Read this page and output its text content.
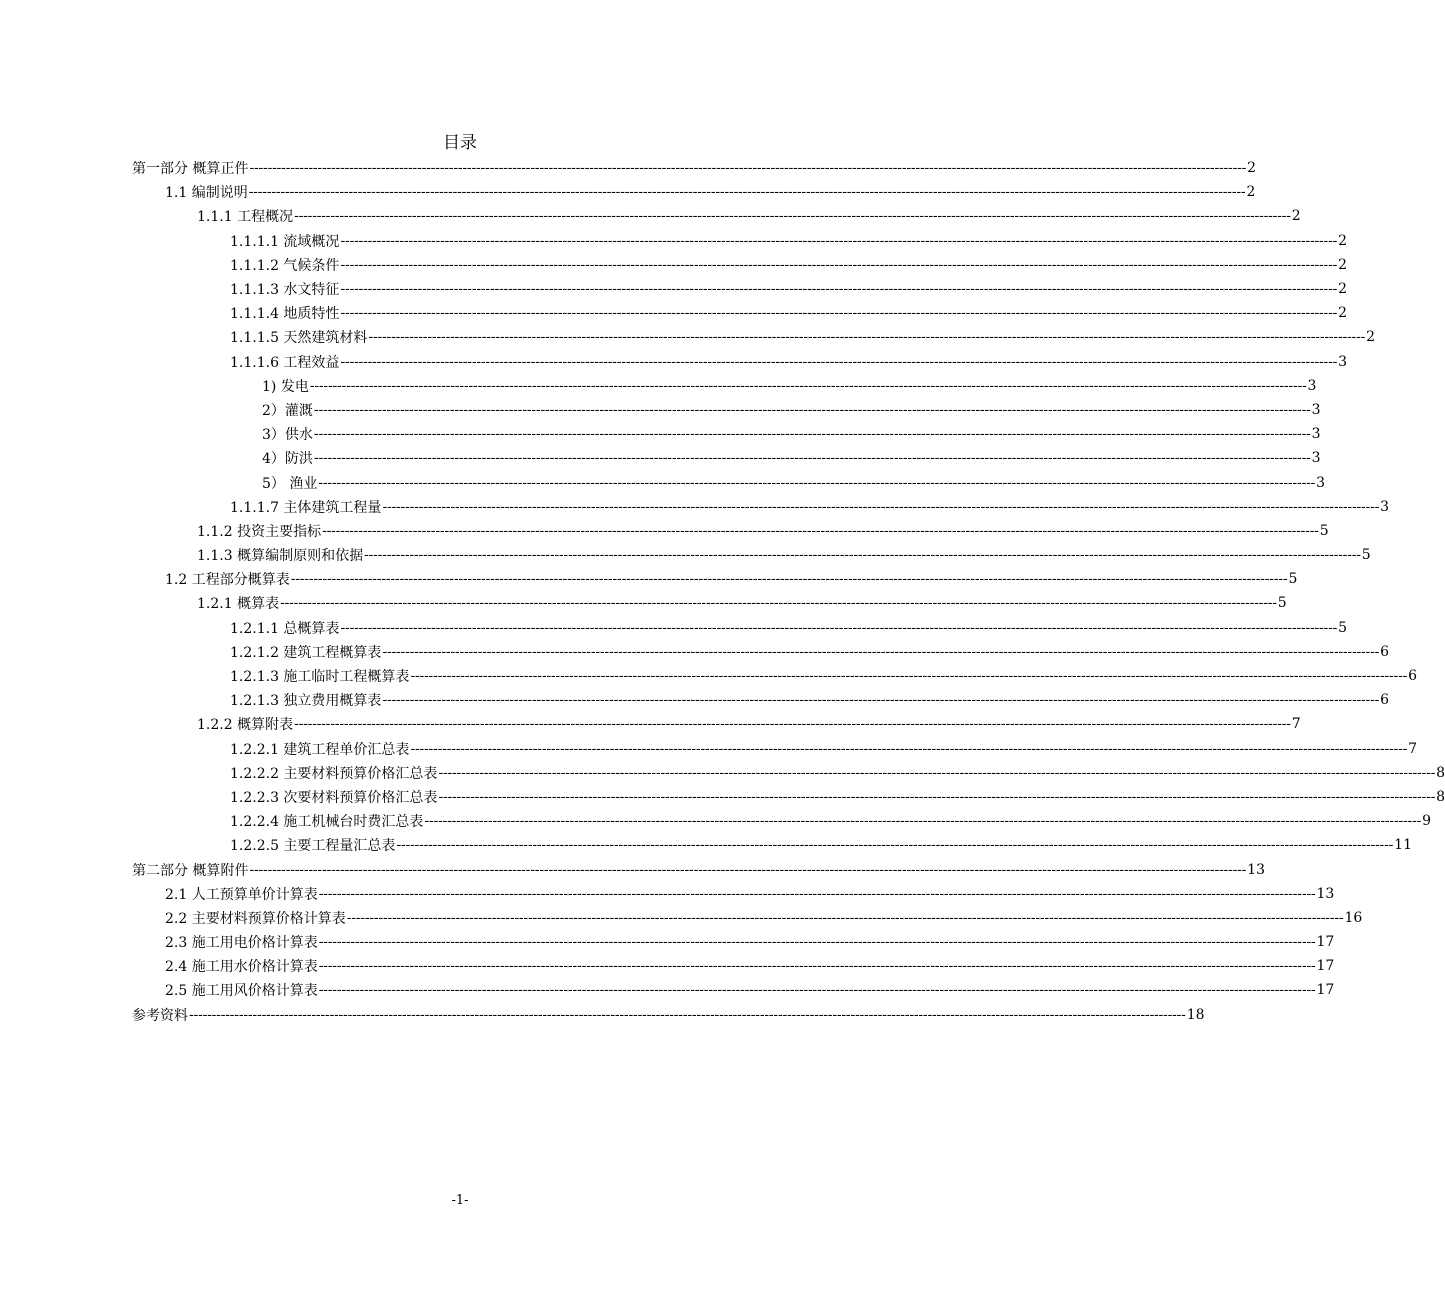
目录
第一部分 概算正件 ---------------------------------------------------------------------------------------------------------------------------------------------------------------------------------------------------------------------------- 2
1.1 编制说明 ---------------------------------------------------------------------------------------------------------------------------------------------------------------------------------------------------------------------------- 2
1.1.1 工程概况 ---------------------------------------------------------------------------------------------------------------------------------------------------------------------------------------------------------------------------- 2
1.1.1.1 流域概况 ---------------------------------------------------------------------------------------------------------------------------------------------------------------------------------------------------------------------------- 2
1.1.1.2 气候条件 ---------------------------------------------------------------------------------------------------------------------------------------------------------------------------------------------------------------------------- 2
1.1.1.3 水文特征 ---------------------------------------------------------------------------------------------------------------------------------------------------------------------------------------------------------------------------- 2
1.1.1.4 地质特性 ---------------------------------------------------------------------------------------------------------------------------------------------------------------------------------------------------------------------------- 2
1.1.1.5 天然建筑材料 ---------------------------------------------------------------------------------------------------------------------------------------------------------------------------------------------------------------------------- 2
1.1.1.6 工程效益 ---------------------------------------------------------------------------------------------------------------------------------------------------------------------------------------------------------------------------- 3
1) 发电 ---------------------------------------------------------------------------------------------------------------------------------------------------------------------------------------------------------------------------- 3
2）灌溉 ---------------------------------------------------------------------------------------------------------------------------------------------------------------------------------------------------------------------------- 3
3）供水 ---------------------------------------------------------------------------------------------------------------------------------------------------------------------------------------------------------------------------- 3
4）防洪 ---------------------------------------------------------------------------------------------------------------------------------------------------------------------------------------------------------------------------- 3
5） 渔业 ---------------------------------------------------------------------------------------------------------------------------------------------------------------------------------------------------------------------------- 3
1.1.1.7 主体建筑工程量 ---------------------------------------------------------------------------------------------------------------------------------------------------------------------------------------------------------------------------- 3
1.1.2 投资主要指标 ---------------------------------------------------------------------------------------------------------------------------------------------------------------------------------------------------------------------------- 5
1.1.3 概算编制原则和依据 ---------------------------------------------------------------------------------------------------------------------------------------------------------------------------------------------------------------------------- 5
1.2 工程部分概算表 ---------------------------------------------------------------------------------------------------------------------------------------------------------------------------------------------------------------------------- 5
1.2.1 概算表 ---------------------------------------------------------------------------------------------------------------------------------------------------------------------------------------------------------------------------- 5
1.2.1.1 总概算表 ---------------------------------------------------------------------------------------------------------------------------------------------------------------------------------------------------------------------------- 5
1.2.1.2 建筑工程概算表 ---------------------------------------------------------------------------------------------------------------------------------------------------------------------------------------------------------------------------- 6
1.2.1.3 施工临时工程概算表 ---------------------------------------------------------------------------------------------------------------------------------------------------------------------------------------------------------------------------- 6
1.2.1.3 独立费用概算表 ---------------------------------------------------------------------------------------------------------------------------------------------------------------------------------------------------------------------------- 6
1.2.2 概算附表 ---------------------------------------------------------------------------------------------------------------------------------------------------------------------------------------------------------------------------- 7
1.2.2.1 建筑工程单价汇总表 ---------------------------------------------------------------------------------------------------------------------------------------------------------------------------------------------------------------------------- 7
1.2.2.2 主要材料预算价格汇总表 ---------------------------------------------------------------------------------------------------------------------------------------------------------------------------------------------------------------------------- 8
1.2.2.3 次要材料预算价格汇总表 ---------------------------------------------------------------------------------------------------------------------------------------------------------------------------------------------------------------------------- 8
1.2.2.4 施工机械台时费汇总表 ---------------------------------------------------------------------------------------------------------------------------------------------------------------------------------------------------------------------------- 9
1.2.2.5 主要工程量汇总表 ---------------------------------------------------------------------------------------------------------------------------------------------------------------------------------------------------------------------------- 11
第二部分 概算附件 ---------------------------------------------------------------------------------------------------------------------------------------------------------------------------------------------------------------------------- 13
2.1 人工预算单价计算表 ---------------------------------------------------------------------------------------------------------------------------------------------------------------------------------------------------------------------------- 13
2.2 主要材料预算价格计算表 ---------------------------------------------------------------------------------------------------------------------------------------------------------------------------------------------------------------------------- 16
2.3 施工用电价格计算表 ---------------------------------------------------------------------------------------------------------------------------------------------------------------------------------------------------------------------------- 17
2.4 施工用水价格计算表 ---------------------------------------------------------------------------------------------------------------------------------------------------------------------------------------------------------------------------- 17
2.5 施工用风价格计算表 ---------------------------------------------------------------------------------------------------------------------------------------------------------------------------------------------------------------------------- 17
参考资料 ---------------------------------------------------------------------------------------------------------------------------------------------------------------------------------------------------------------------------- 18
-1-
